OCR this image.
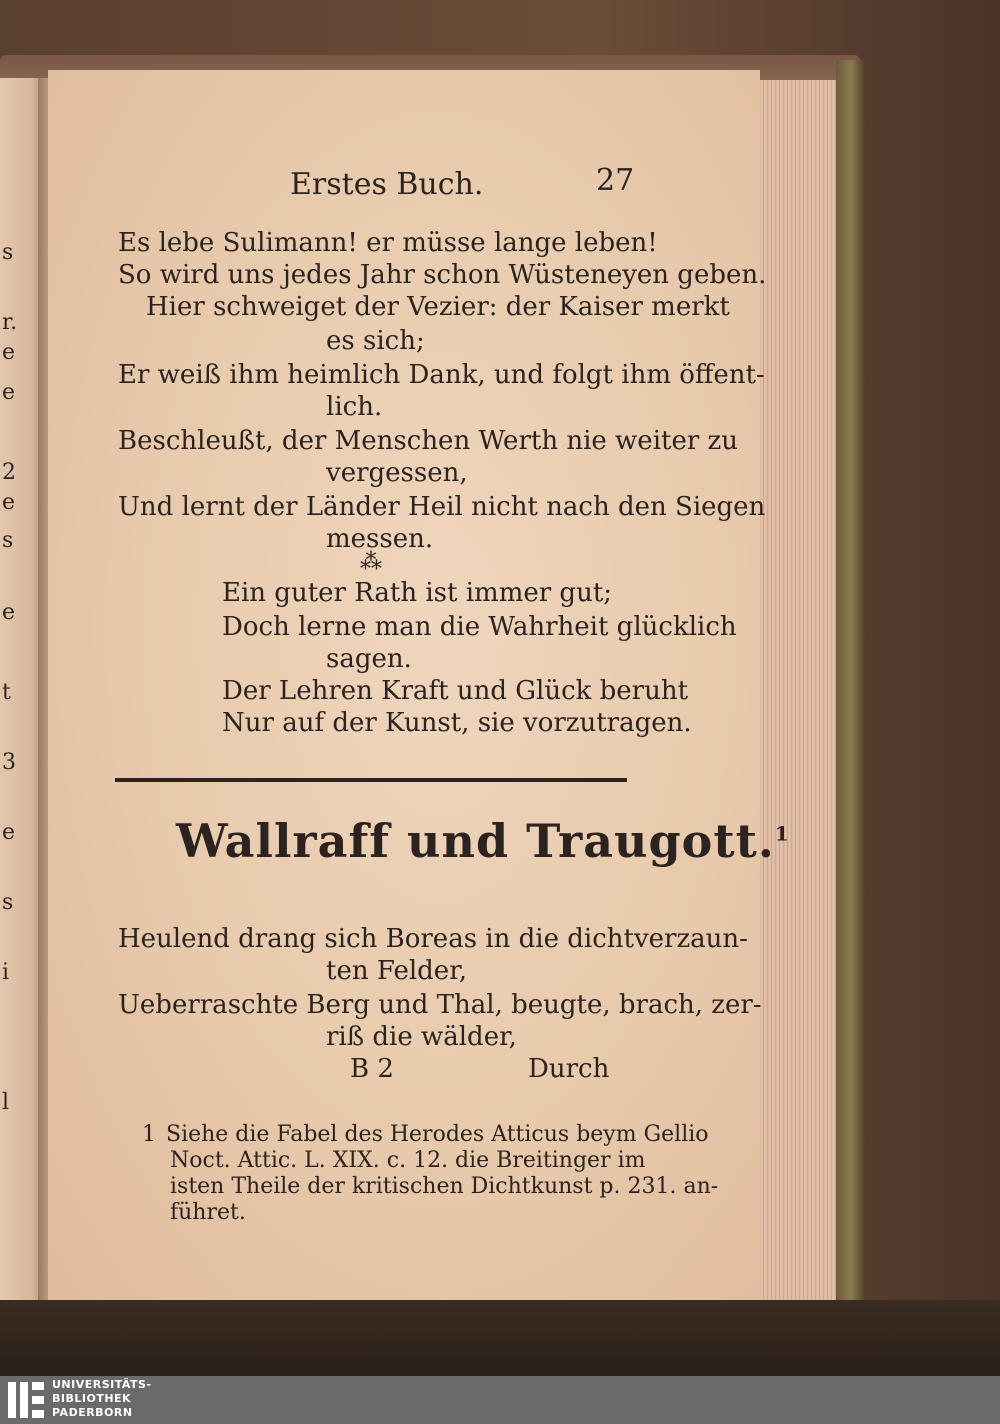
s
r.
e
e
2
e
s
e
t
3
e
s
i
l
Erstes Buch.	27
Es lebe Sulimann! er müsse lange leben!
So wird uns jedes Jahr schon Wüsteneyen geben.
Hier schweiget der Vezier: der Kaiser merkt
es sich;
Er weiß ihm heimlich Dank, und folgt ihm öffent-
lich.
Beschleußt, der Menschen Werth nie weiter zu
vergessen,
Und lernt der Länder Heil nicht nach den Siegen
messen.
⁂
Ein guter Rath ist immer gut;
Doch lerne man die Wahrheit glücklich
sagen.
Der Lehren Kraft und Glück beruht
Nur auf der Kunst, sie vorzutragen.
Wallraff und Traugott.$^1$
Heulend drang sich Boreas in die dichtverzaun-
ten Felder,
Ueberraschte Berg und Thal, beugte, brach, zer-
riß die wälder,
B 2	Durch
1 Siehe die Fabel des Herodes Atticus beym Gellio
Noct. Attic. L. XIX. c. 12. die Breitinger im
isten Theile der kritischen Dichtkunst p. 231. an-
führet.
UNIVERSITÄTS-
BIBLIOTHEK
PADERBORN
